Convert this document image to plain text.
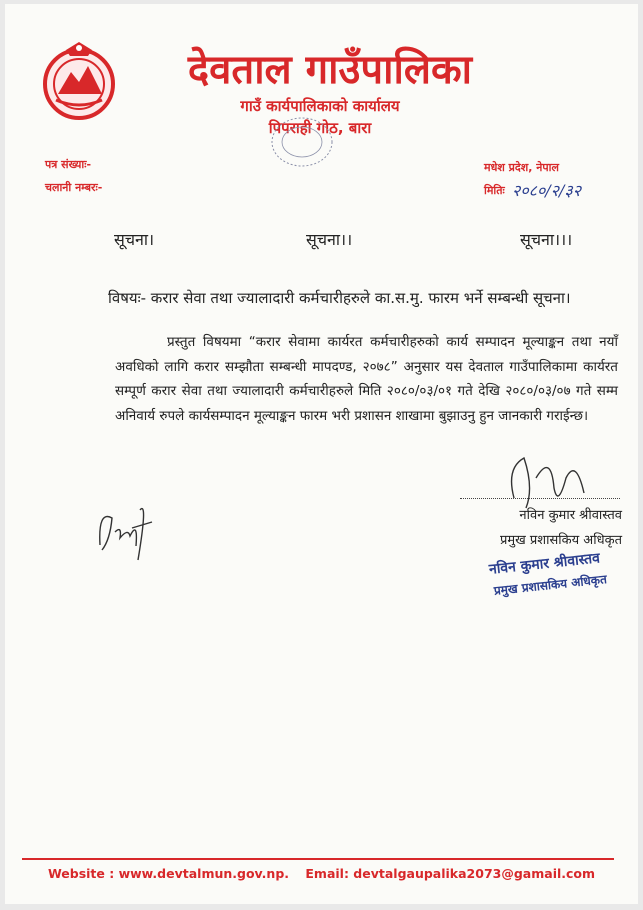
देवताल गाउँपालिका
गाउँ कार्यपालिकाको कार्यालय
पिपराही गोठ, बारा
पत्र संख्याः-
चलानी नम्बरः-
मधेश प्रदेश, नेपाल
मितिः २०८०/२/३२
सूचना।	सूचना।।	सूचना।।।
विषयः- करार सेवा तथा ज्यालादारी कर्मचारीहरुले का.स.मु. फारम भर्ने सम्बन्धी सूचना।
प्रस्तुत विषयमा “करार सेवामा कार्यरत कर्मचारीहरुको कार्य सम्पादन मूल्याङ्कन तथा नयाँ अवधिको लागि करार सम्झौता सम्बन्धी मापदण्ड, २०७८” अनुसार यस देवताल गाउँपालिकामा कार्यरत सम्पूर्ण करार सेवा तथा ज्यालादारी कर्मचारीहरुले मिति २०८०/०३/०१ गते देखि २०८०/०३/०७ गते सम्म अनिवार्य रुपले कार्यसम्पादन मूल्याङ्कन फारम भरी प्रशासन शाखामा बुझाउनु हुन जानकारी गराईन्छ।
नविन कुमार श्रीवास्तव
प्रमुख प्रशासकिय अधिकृत
नविन कुमार श्रीवास्तव
प्रमुख प्रशासकिय अधिकृत
Website : www.devtalmun.gov.np. Email: devtalgaupalika2073@gamail.com
